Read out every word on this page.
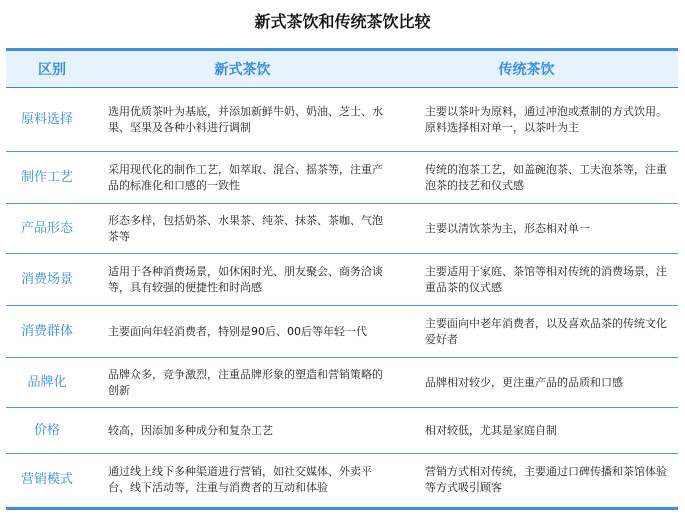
新式茶饮和传统茶饮比较
区别	新式茶饮	传统茶饮
原料选择	选用优质茶叶为基底，并添加新鲜牛奶、奶油、芝士、水果、坚果及各种小料进行调制	主要以茶叶为原料，通过冲泡或煮制的方式饮用。原料选择相对单一，以茶叶为主
制作工艺	采用现代化的制作工艺，如萃取、混合、摇茶等，注重产品的标准化和口感的一致性	传统的泡茶工艺，如盖碗泡茶、工夫泡茶等，注重泡茶的技艺和仪式感
产品形态	形态多样，包括奶茶、水果茶、纯茶、抹茶、茶咖、气泡茶等	主要以清饮茶为主，形态相对单一
消费场景	适用于各种消费场景，如休闲时光、朋友聚会、商务洽谈等，具有较强的便捷性和时尚感	主要适用于家庭、茶馆等相对传统的消费场景，注重品茶的仪式感
消费群体	主要面向年轻消费者，特别是90后、00后等年轻一代	主要面向中老年消费者，以及喜欢品茶的传统文化爱好者
品牌化	品牌众多，竞争激烈，注重品牌形象的塑造和营销策略的创新	品牌相对较少，更注重产品的品质和口感
价格	较高，因添加多种成分和复杂工艺	相对较低，尤其是家庭自制
营销模式	通过线上线下多种渠道进行营销，如社交媒体、外卖平台、线下活动等，注重与消费者的互动和体验	营销方式相对传统，主要通过口碑传播和茶馆体验等方式吸引顾客
